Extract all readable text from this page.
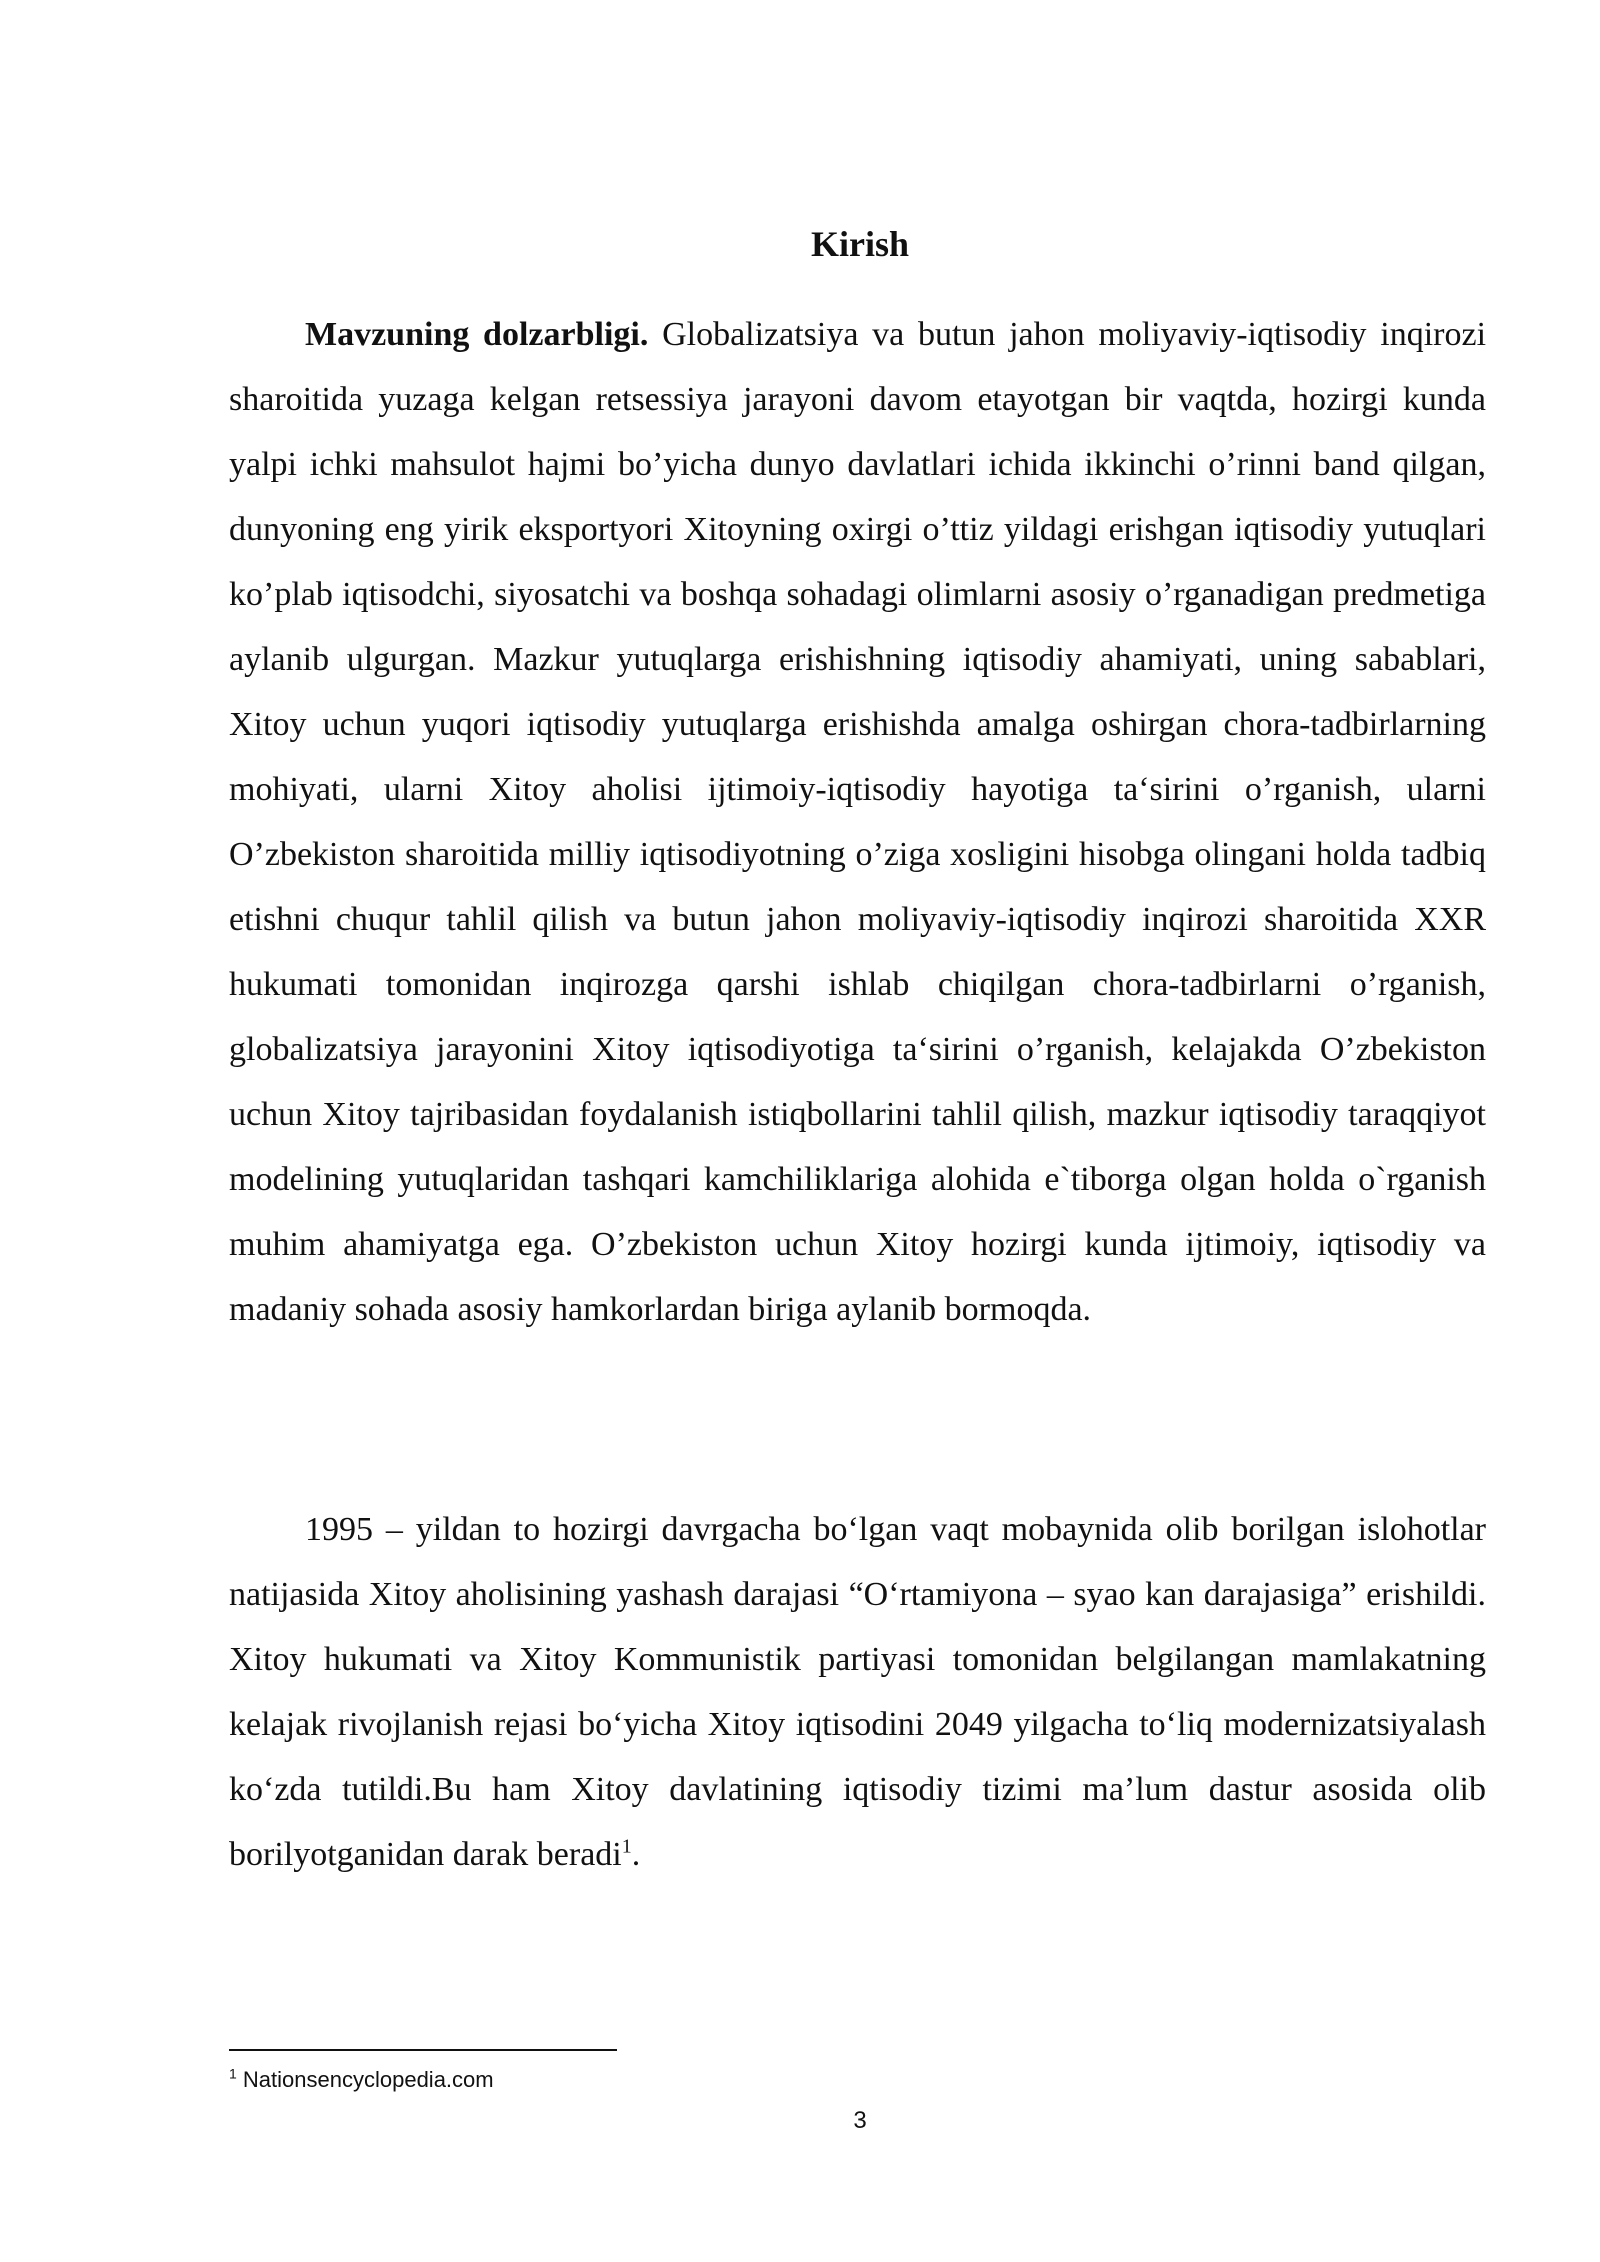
Kirish

Mavzuning dolzarbligi. Globalizatsiya va butun jahon moliyaviy-iqtisodiy inqirozi sharoitida yuzaga kelgan retsessiya jarayoni davom etayotgan bir vaqtda, hozirgi kunda yalpi ichki mahsulot hajmi bo’yicha dunyo davlatlari ichida ikkinchi o’rinni band qilgan, dunyoning eng yirik eksportyori Xitoyning oxirgi o’ttiz yildagi erishgan iqtisodiy yutuqlari ko’plab iqtisodchi, siyosatchi va boshqa sohadagi olimlarni asosiy o’rganadigan predmetiga aylanib ulgurgan. Mazkur yutuqlarga erishishning iqtisodiy ahamiyati, uning sabablari, Xitoy uchun yuqori iqtisodiy yutuqlarga erishishda amalga oshirgan chora-tadbirlarning mohiyati, ularni Xitoy aholisi ijtimoiy-iqtisodiy hayotiga ta‘sirini o’rganish, ularni O’zbekiston sharoitida milliy iqtisodiyotning o’ziga xosligini hisobga olingani holda tadbiq etishni chuqur tahlil qilish va butun jahon moliyaviy-iqtisodiy inqirozi sharoitida XXR hukumati tomonidan inqirozga qarshi ishlab chiqilgan chora-tadbirlarni o’rganish, globalizatsiya jarayonini Xitoy iqtisodiyotiga ta‘sirini o’rganish, kelajakda O’zbekiston uchun Xitoy tajribasidan foydalanish istiqbollarini tahlil qilish, mazkur iqtisodiy taraqqiyot modelining yutuqlaridan tashqari kamchiliklariga alohida e`tiborga olgan holda o`rganish muhim ahamiyatga ega. O’zbekiston uchun Xitoy hozirgi kunda ijtimoiy, iqtisodiy va madaniy sohada asosiy hamkorlardan biriga aylanib bormoqda.

1995 – yildan to hozirgi davrgacha bo‘lgan vaqt mobaynida olib borilgan islohotlar natijasida Xitoy aholisining yashash darajasi “O‘rtamiyona – syao kan darajasiga” erishildi. Xitoy hukumati va Xitoy Kommunistik partiyasi tomonidan belgilangan mamlakatning kelajak rivojlanish rejasi bo‘yicha Xitoy iqtisodini 2049 yilgacha to‘liq modernizatsiyalash ko‘zda tutildi.Bu ham Xitoy davlatining iqtisodiy tizimi ma’lum dastur asosida olib borilyotganidan darak beradi$^1$.

$^1$ Nationsencyclopedia.com
3
